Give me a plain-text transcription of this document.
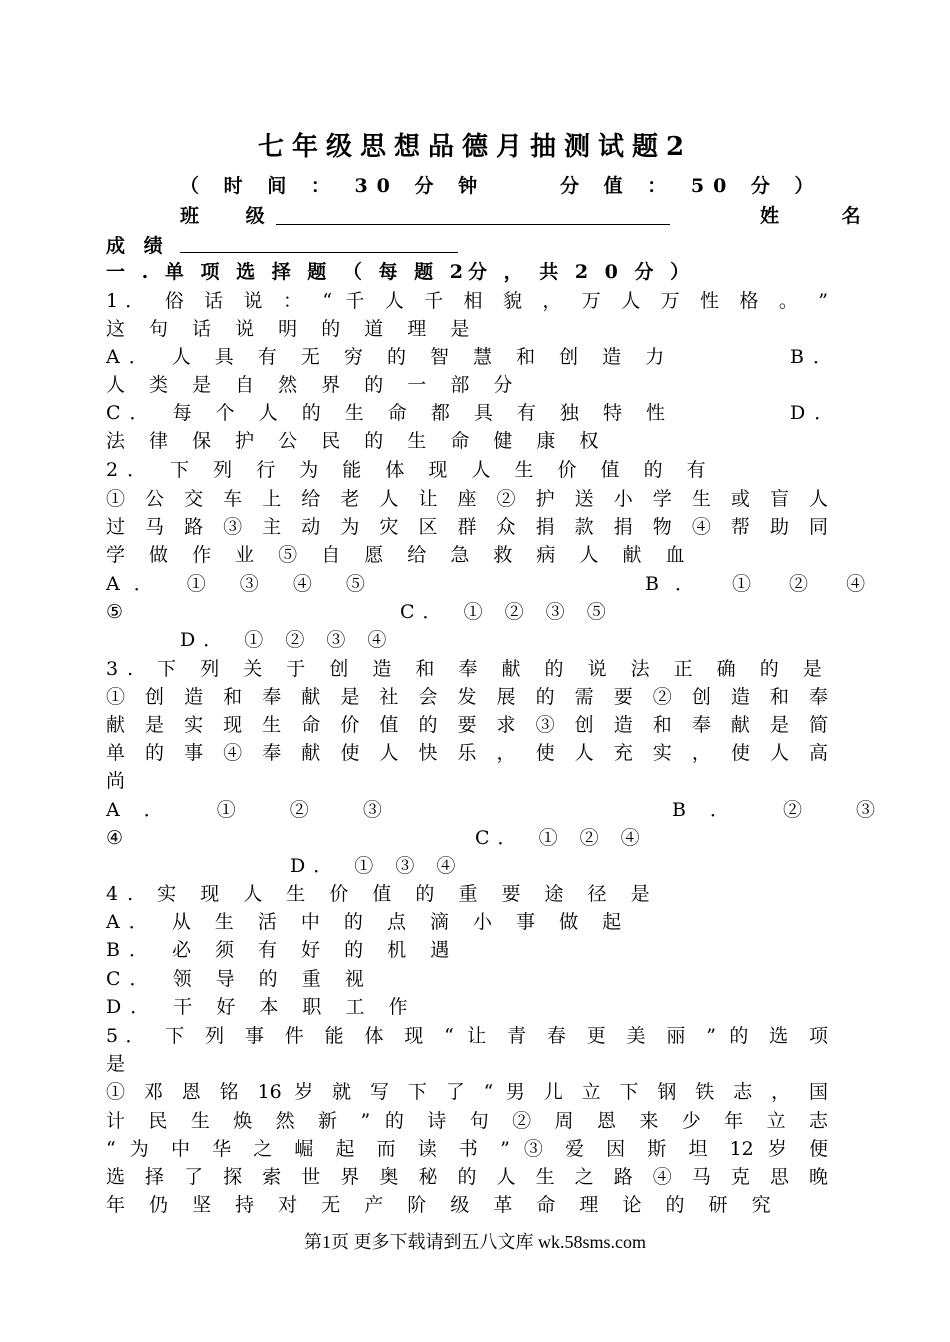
七年级思想品德月抽测试题2
（ 时 间 ： 30 分 钟	分 值 ： 50 分 ）
班 级	姓 名
成 绩
一 . 单 项 选 择 题 （ 每 题 2分 ， 共 2 0 分 ）
1． 俗 话 说 ： “ 千 人 千 相 貌 ， 万 人 万 性 格 。 ”
这 句 话 说 明 的 道 理 是
A． 人 具 有 无 穷 的 智 慧 和 创 造 力	B．
人 类 是 自 然 界 的 一 部 分
C． 每 个 人 的 生 命 都 具 有 独 特 性	D．
法 律 保 护 公 民 的 生 命 健 康 权
2． 下 列 行 为 能 体 现 人 生 价 值 的 有
① 公 交 车 上 给 老 人 让 座 ② 护 送 小 学 生 或 盲 人
过 马 路 ③ 主 动 为 灾 区 群 众 捐 款 捐 物 ④ 帮 助 同
学 做 作 业 ⑤ 自 愿 给 急 救 病 人 献 血
A． ① ③ ④ ⑤	B． ① ② ④
⑤	C． ① ② ③ ⑤
D． ① ② ③ ④
3. 下 列 关 于 创 造 和 奉 献 的 说 法 正 确 的 是
① 创 造 和 奉 献 是 社 会 发 展 的 需 要 ② 创 造 和 奉
献 是 实 现 生 命 价 值 的 要 求 ③ 创 造 和 奉 献 是 简
单 的 事 ④ 奉 献 使 人 快 乐 ， 使 人 充 实 ， 使 人 高
尚
A． ① ② ③	B． ② ③
④	C． ① ② ④
D． ① ③ ④
4. 实 现 人 生 价 值 的 重 要 途 径 是
A． 从 生 活 中 的 点 滴 小 事 做 起
B． 必 须 有 好 的 机 遇
C． 领 导 的 重 视
D． 干 好 本 职 工 作
5． 下 列 事 件 能 体 现 “ 让 青 春 更 美 丽 ” 的 选 项
是
① 邓 恩 铭 16 岁 就 写 下 了 “ 男 儿 立 下 钢 铁 志 ， 国
计 民 生 焕 然 新 ” 的 诗 句 ② 周 恩 来 少 年 立 志
“ 为 中 华 之 崛 起 而 读 书 ” ③ 爱 因 斯 坦 12 岁 便
选 择 了 探 索 世 界 奥 秘 的 人 生 之 路 ④ 马 克 思 晚
年 仍 坚 持 对 无 产 阶 级 革 命 理 论 的 研 究
第1页 更多下载请到五八文库 wk.58sms.com
